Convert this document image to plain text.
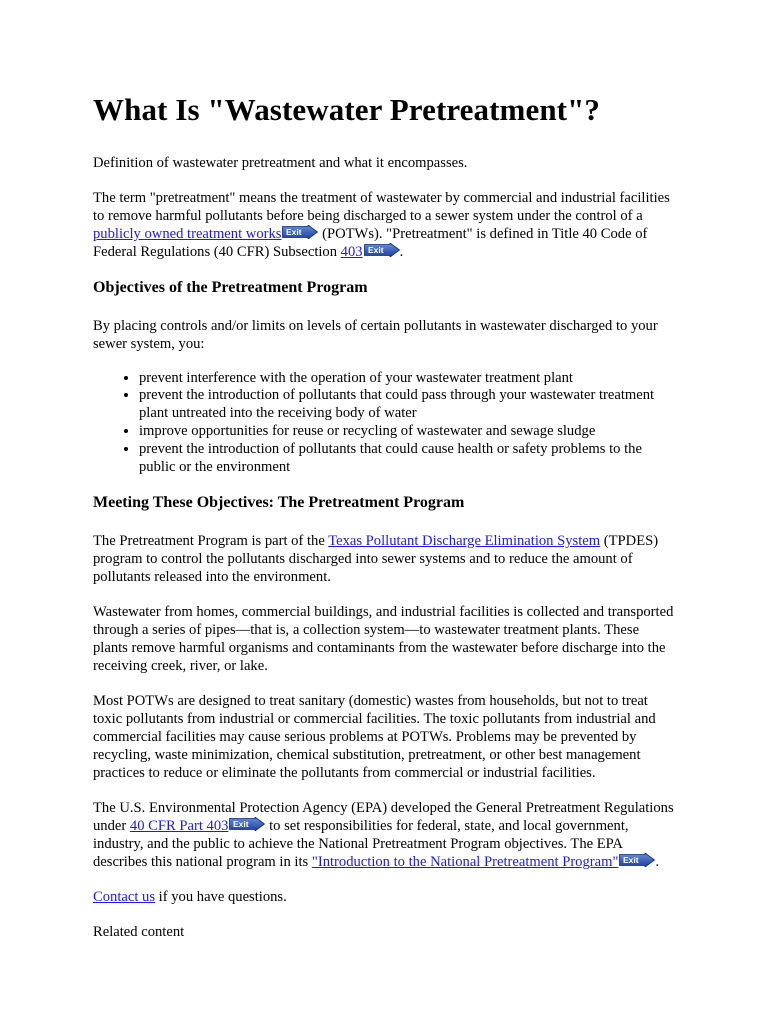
What Is "Wastewater Pretreatment"?

Definition of wastewater pretreatment and what it encompasses.

The term "pretreatment" means the treatment of wastewater by commercial and industrial facilities to remove harmful pollutants before being discharged to a sewer system under the control of a publicly owned treatment works Exit (POTWs). "Pretreatment" is defined in Title 40 Code of Federal Regulations (40 CFR) Subsection 403 Exit .

Objectives of the Pretreatment Program

By placing controls and/or limits on levels of certain pollutants in wastewater discharged to your sewer system, you:

• prevent interference with the operation of your wastewater treatment plant
• prevent the introduction of pollutants that could pass through your wastewater treatment plant untreated into the receiving body of water
• improve opportunities for reuse or recycling of wastewater and sewage sludge
• prevent the introduction of pollutants that could cause health or safety problems to the public or the environment
Meeting These Objectives: The Pretreatment Program

The Pretreatment Program is part of the Texas Pollutant Discharge Elimination System (TPDES) program to control the pollutants discharged into sewer systems and to reduce the amount of pollutants released into the environment.

Wastewater from homes, commercial buildings, and industrial facilities is collected and transported through a series of pipes—that is, a collection system—to wastewater treatment plants. These plants remove harmful organisms and contaminants from the wastewater before discharge into the receiving creek, river, or lake.

Most POTWs are designed to treat sanitary (domestic) wastes from households, but not to treat toxic pollutants from industrial or commercial facilities. The toxic pollutants from industrial and commercial facilities may cause serious problems at POTWs. Problems may be prevented by recycling, waste minimization, chemical substitution, pretreatment, or other best management practices to reduce or eliminate the pollutants from commercial or industrial facilities.

The U.S. Environmental Protection Agency (EPA) developed the General Pretreatment Regulations under 40 CFR Part 403 Exit to set responsibilities for federal, state, and local government, industry, and the public to achieve the National Pretreatment Program objectives. The EPA describes this national program in its "Introduction to the National Pretreatment Program" Exit .

Contact us if you have questions.

Related content
